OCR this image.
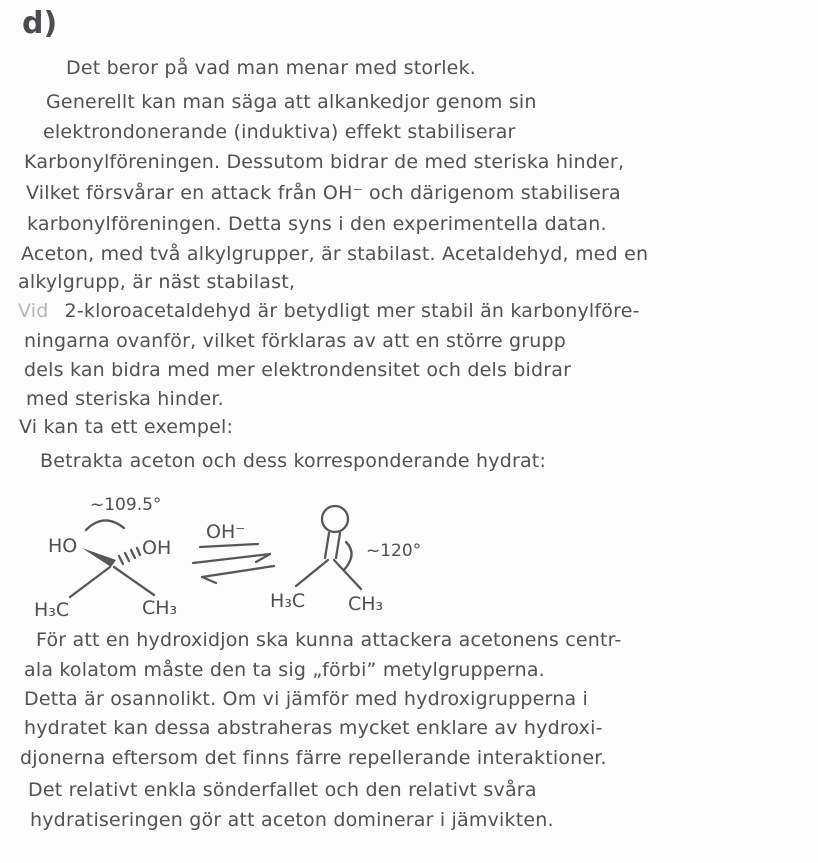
d)
Det beror på vad man menar med storlek.
Generellt kan man säga att alkankedjor genom sin
elektrondonerande (induktiva) effekt stabiliserar
Karbonylföreningen. Dessutom bidrar de med steriska hinder,
Vilket försvårar en attack från OH⁻ och därigenom stabilisera
karbonylföreningen. Detta syns i den experimentella datan.
Aceton, med två alkylgrupper, är stabilast. Acetaldehyd, med en
alkylgrupp, är näst stabilast,
Vid 2-kloroacetaldehyd är betydligt mer stabil än karbonylföre-
ningarna ovanför, vilket förklaras av att en större grupp
dels kan bidra med mer elektrondensitet och dels bidrar
med steriska hinder.
Vi kan ta ett exempel:
Betrakta aceton och dess korresponderande hydrat:
~109.5°
HO	OH
H₃C	CH₃
OH⁻
~120°
H₃C CH₃
För att en hydroxidjon ska kunna attackera acetonens centr-
ala kolatom måste den ta sig „förbi” metylgrupperna.
Detta är osannolikt. Om vi jämför med hydroxigrupperna i
hydratet kan dessa abstraheras mycket enklare av hydroxi-
djonerna eftersom det finns färre repellerande interaktioner.
Det relativt enkla sönderfallet och den relativt svåra
hydratiseringen gör att aceton dominerar i jämvikten.
